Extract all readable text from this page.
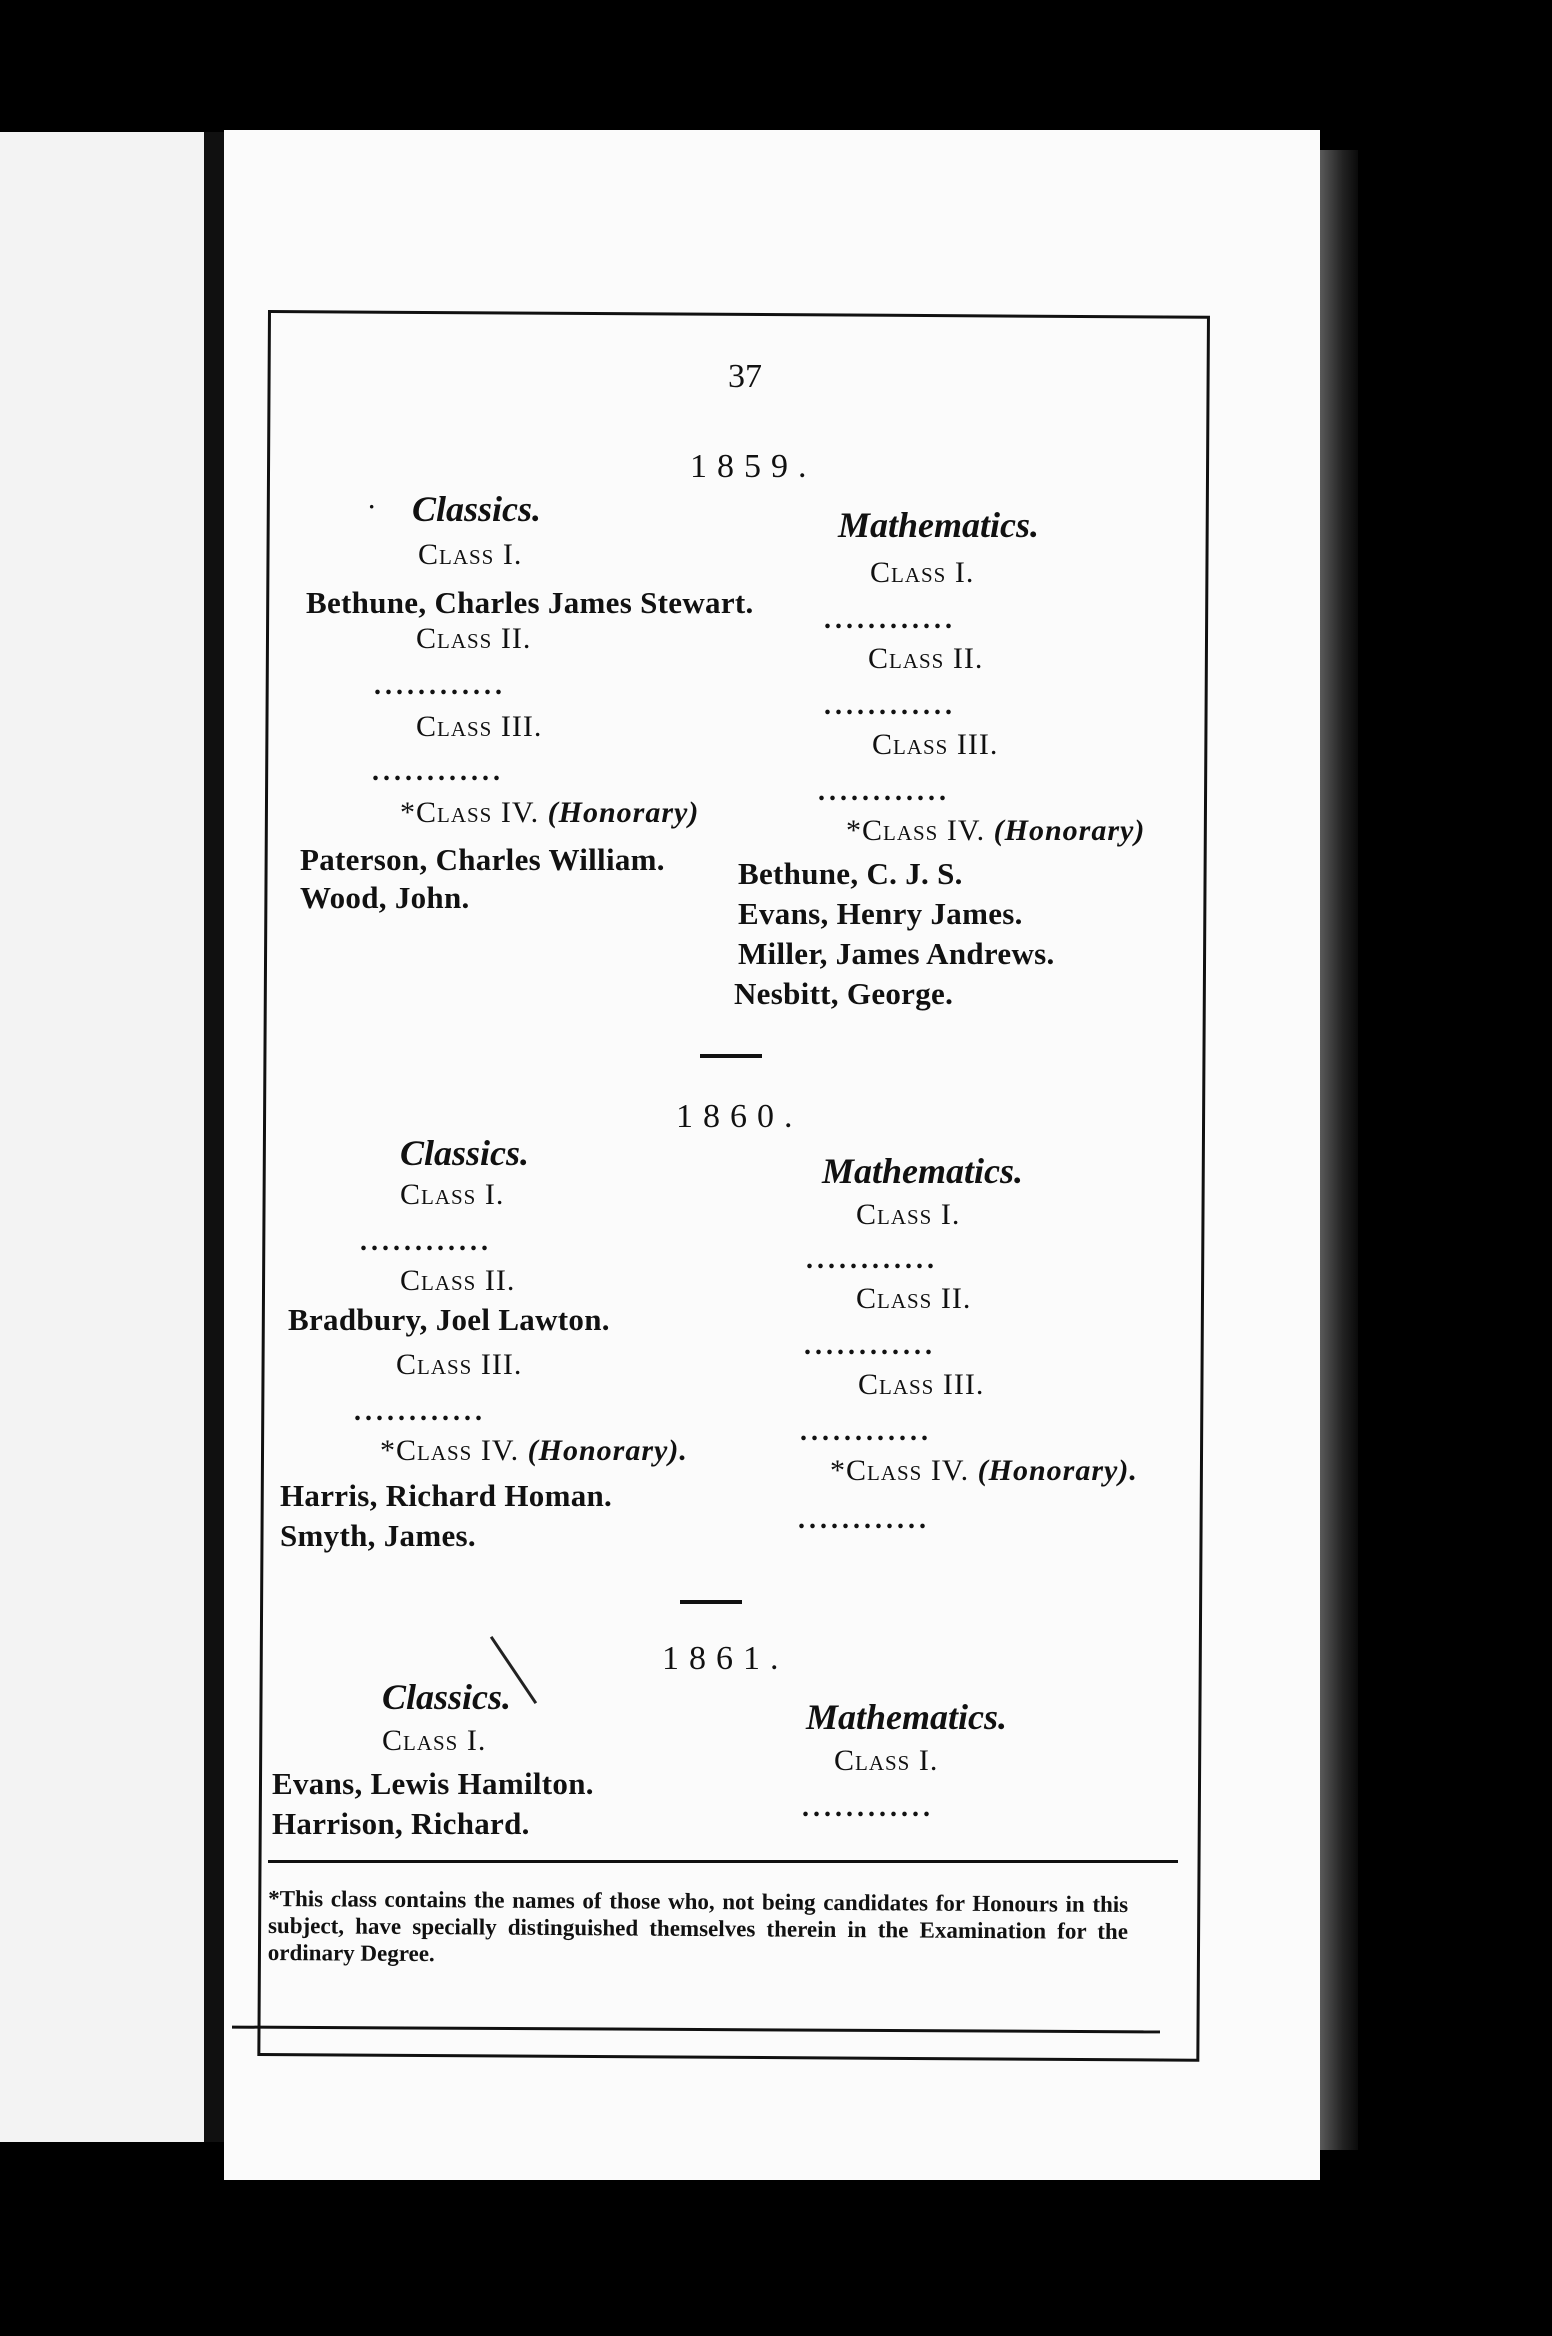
37
1859.
Classics.
Class I.
Bethune, Charles James Stewart.
Class II.
............
Class III.
............
*Class IV. (Honorary)
Paterson, Charles William.
Wood, John.
Mathematics.
Class I.
............
Class II.
............
Class III.
............
*Class IV. (Honorary)
Bethune, C. J. S.
Evans, Henry James.
Miller, James Andrews.
Nesbitt, George.
1860.
Classics.
Class I.
............
Class II.
Bradbury, Joel Lawton.
Class III.
............
*Class IV. (Honorary).
Harris, Richard Homan.
Smyth, James.
Mathematics.
Class I.
............
Class II.
............
Class III.
............
*Class IV. (Honorary).
............
1861.
Classics.
Class I.
Evans, Lewis Hamilton.
Harrison, Richard.
Mathematics.
Class I.
............
·
*This class contains the names of those who, not being candidates for Honours in this subject, have specially distinguished themselves therein in the Examination for the ordinary Degree.
